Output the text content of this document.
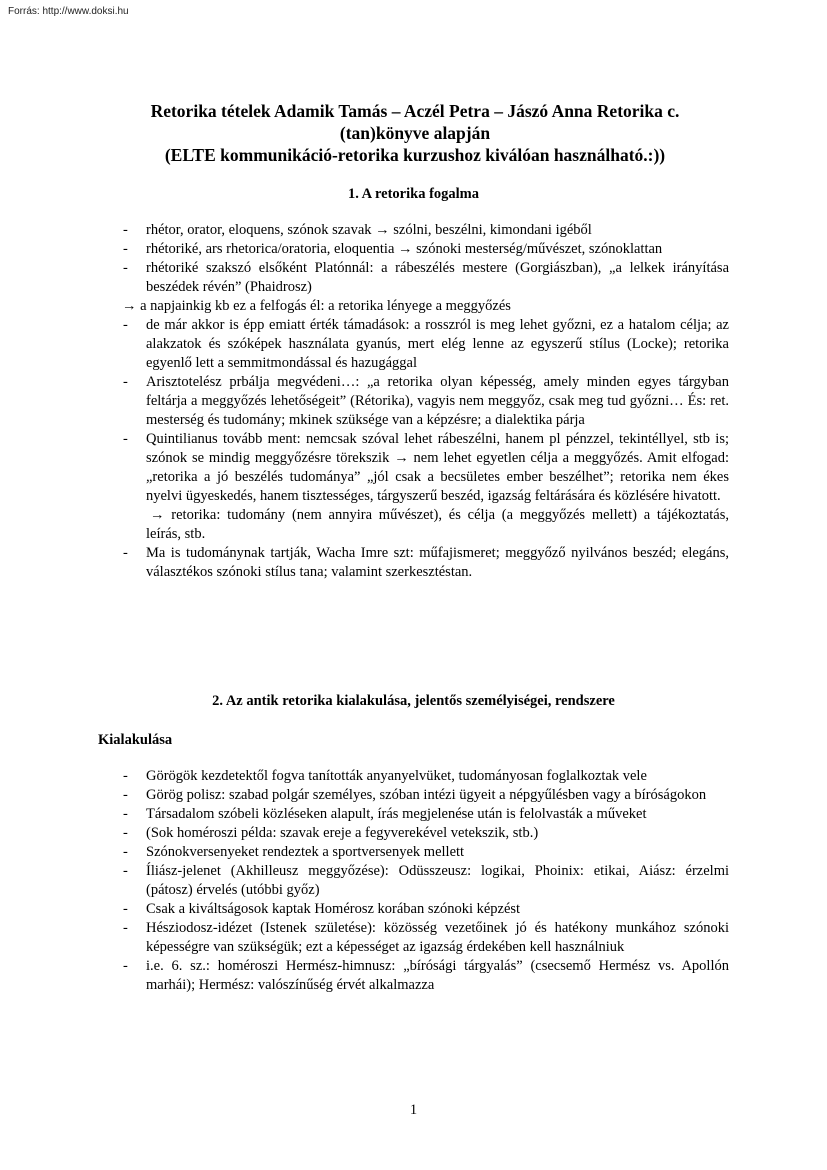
Forrás: http://www.doksi.hu
Retorika tételek Adamik Tamás – Aczél Petra – Jászó Anna Retorika c.
(tan)könyve alapján
(ELTE kommunikáció-retorika kurzushoz kiválóan használható.:))
1. A retorika fogalma
- rhétor, orator, eloquens, szónok szavak → szólni, beszélni, kimondani igéből
- rhétoriké, ars rhetorica/oratoria, eloquentia → szónoki mesterség/művészet, szónoklattan
- rhétoriké szakszó elsőként Platónnál: a rábeszélés mestere (Gorgiászban), „a lelkek irányítása beszédek révén” (Phaidrosz)
→ a napjainkig kb ez a felfogás él: a retorika lényege a meggyőzés
- de már akkor is épp emiatt érték támadások: a rosszról is meg lehet győzni, ez a hatalom célja; az alakzatok és szóképek használata gyanús, mert elég lenne az egyszerű stílus (Locke); retorika egyenlő lett a semmitmondással és hazugággal
- Arisztotelész prbálja megvédeni…: „a retorika olyan képesség, amely minden egyes tárgyban feltárja a meggyőzés lehetőségeit” (Rétorika), vagyis nem meggyőz, csak meg tud győzni… És: ret. mesterség és tudomány; mkinek szüksége van a képzésre; a dialektika párja
- Quintilianus tovább ment: nemcsak szóval lehet rábeszélni, hanem pl pénzzel, tekintéllyel, stb is; szónok se mindig meggyőzésre törekszik → nem lehet egyetlen célja a meggyőzés. Amit elfogad: „retorika a jó beszélés tudománya” „jól csak a becsületes ember beszélhet”; retorika nem ékes nyelvi ügyeskedés, hanem tisztességes, tárgyszerű beszéd, igazság feltárására és közlésére hivatott.
→ retorika: tudomány (nem annyira művészet), és célja (a meggyőzés mellett) a tájékoztatás, leírás, stb.
- Ma is tudománynak tartják, Wacha Imre szt: műfajismeret; meggyőző nyilvános beszéd; elegáns, választékos szónoki stílus tana; valamint szerkesztéstan.
2. Az antik retorika kialakulása, jelentős személyiségei, rendszere
Kialakulása
- Görögök kezdetektől fogva tanították anyanyelvüket, tudományosan foglalkoztak vele
- Görög polisz: szabad polgár személyes, szóban intézi ügyeit a népgyűlésben vagy a bíróságokon
- Társadalom szóbeli közléseken alapult, írás megjelenése után is felolvasták a műveket
- (Sok homéroszi példa: szavak ereje a fegyverekével vetekszik, stb.)
- Szónokversenyeket rendeztek a sportversenyek mellett
- Íliász-jelenet (Akhilleusz meggyőzése): Odüsszeusz: logikai, Phoinix: etikai, Aiász: érzelmi (pátosz) érvelés (utóbbi győz)
- Csak a kiváltságosok kaptak Homérosz korában szónoki képzést
- Hésziodosz-idézet (Istenek születése): közösség vezetőinek jó és hatékony munkához szónoki képességre van szükségük; ezt a képességet az igazság érdekében kell használniuk
- i.e. 6. sz.: homéroszi Hermész-himnusz: „bírósági tárgyalás” (csecsemő Hermész vs. Apollón marhái); Hermész: valószínűség érvét alkalmazza
1
